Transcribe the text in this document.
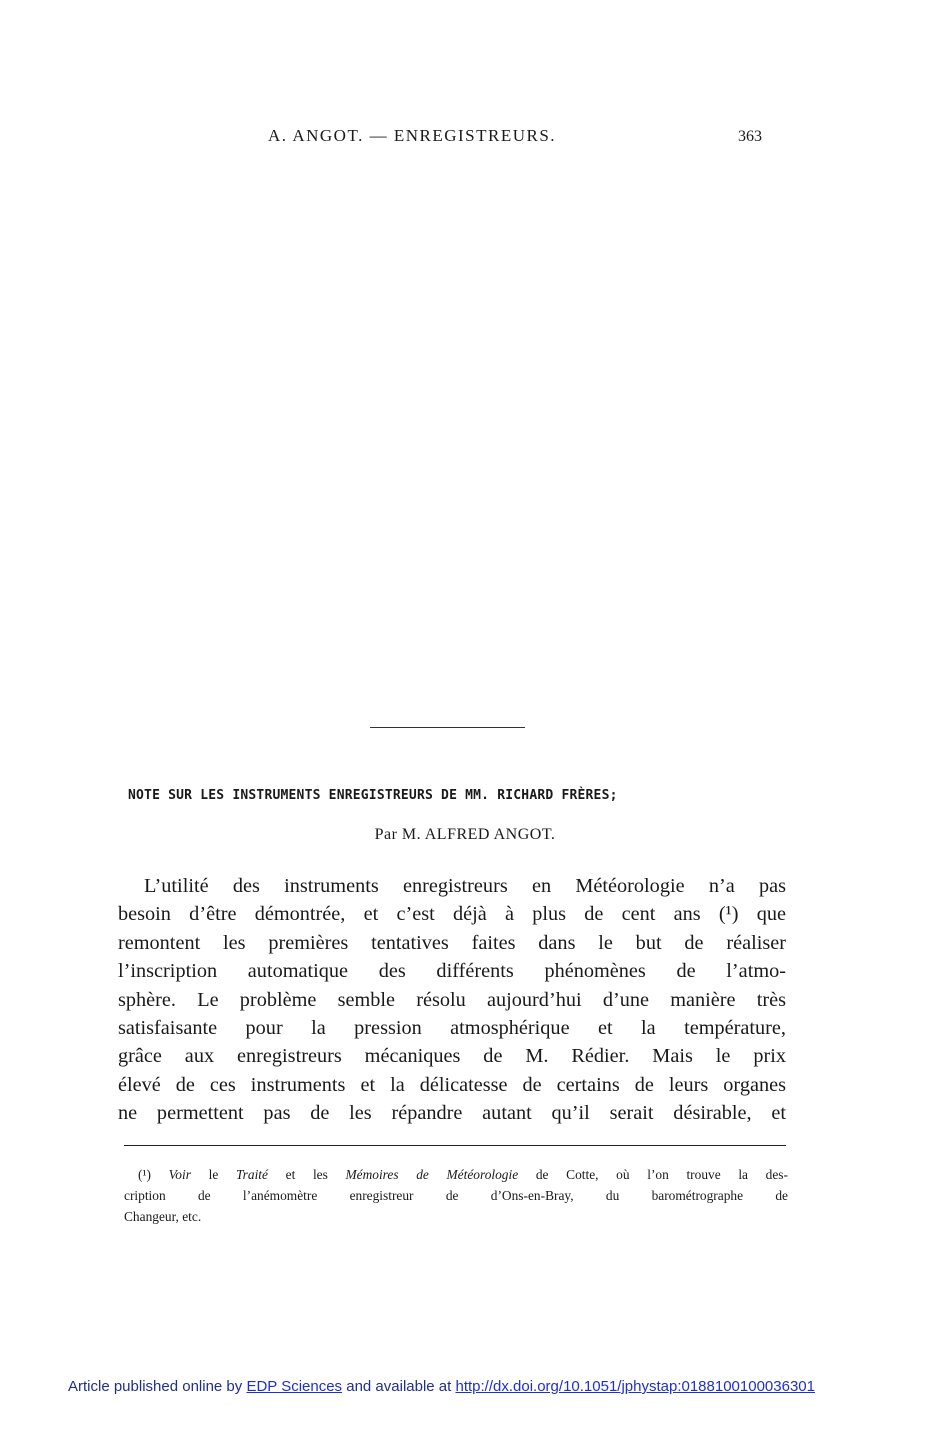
A. ANGOT. — ENREGISTREURS.	363
NOTE SUR LES INSTRUMENTS ENREGISTREURS DE MM. RICHARD FRÈRES;
Par M. ALFRED ANGOT.
L’utilité des instruments enregistreurs en Météorologie n’a pas
besoin d’être démontrée, et c’est déjà à plus de cent ans (¹) que
remontent les premières tentatives faites dans le but de réaliser
l’inscription automatique des différents phénomènes de l’atmo-
sphère. Le problème semble résolu aujourd’hui d’une manière très
satisfaisante pour la pression atmosphérique et la température,
grâce aux enregistreurs mécaniques de M. Rédier. Mais le prix
élevé de ces instruments et la délicatesse de certains de leurs organes
ne permettent pas de les répandre autant qu’il serait désirable, et
(¹) Voir le Traité et les Mémoires de Météorologie de Cotte, où l’on trouve la des-
cription de l’anémomètre enregistreur de d’Ons-en-Bray, du barométrographe de
Changeur, etc.
Article published online by EDP Sciences and available at http://dx.doi.org/10.1051/jphystap:0188100100036301
